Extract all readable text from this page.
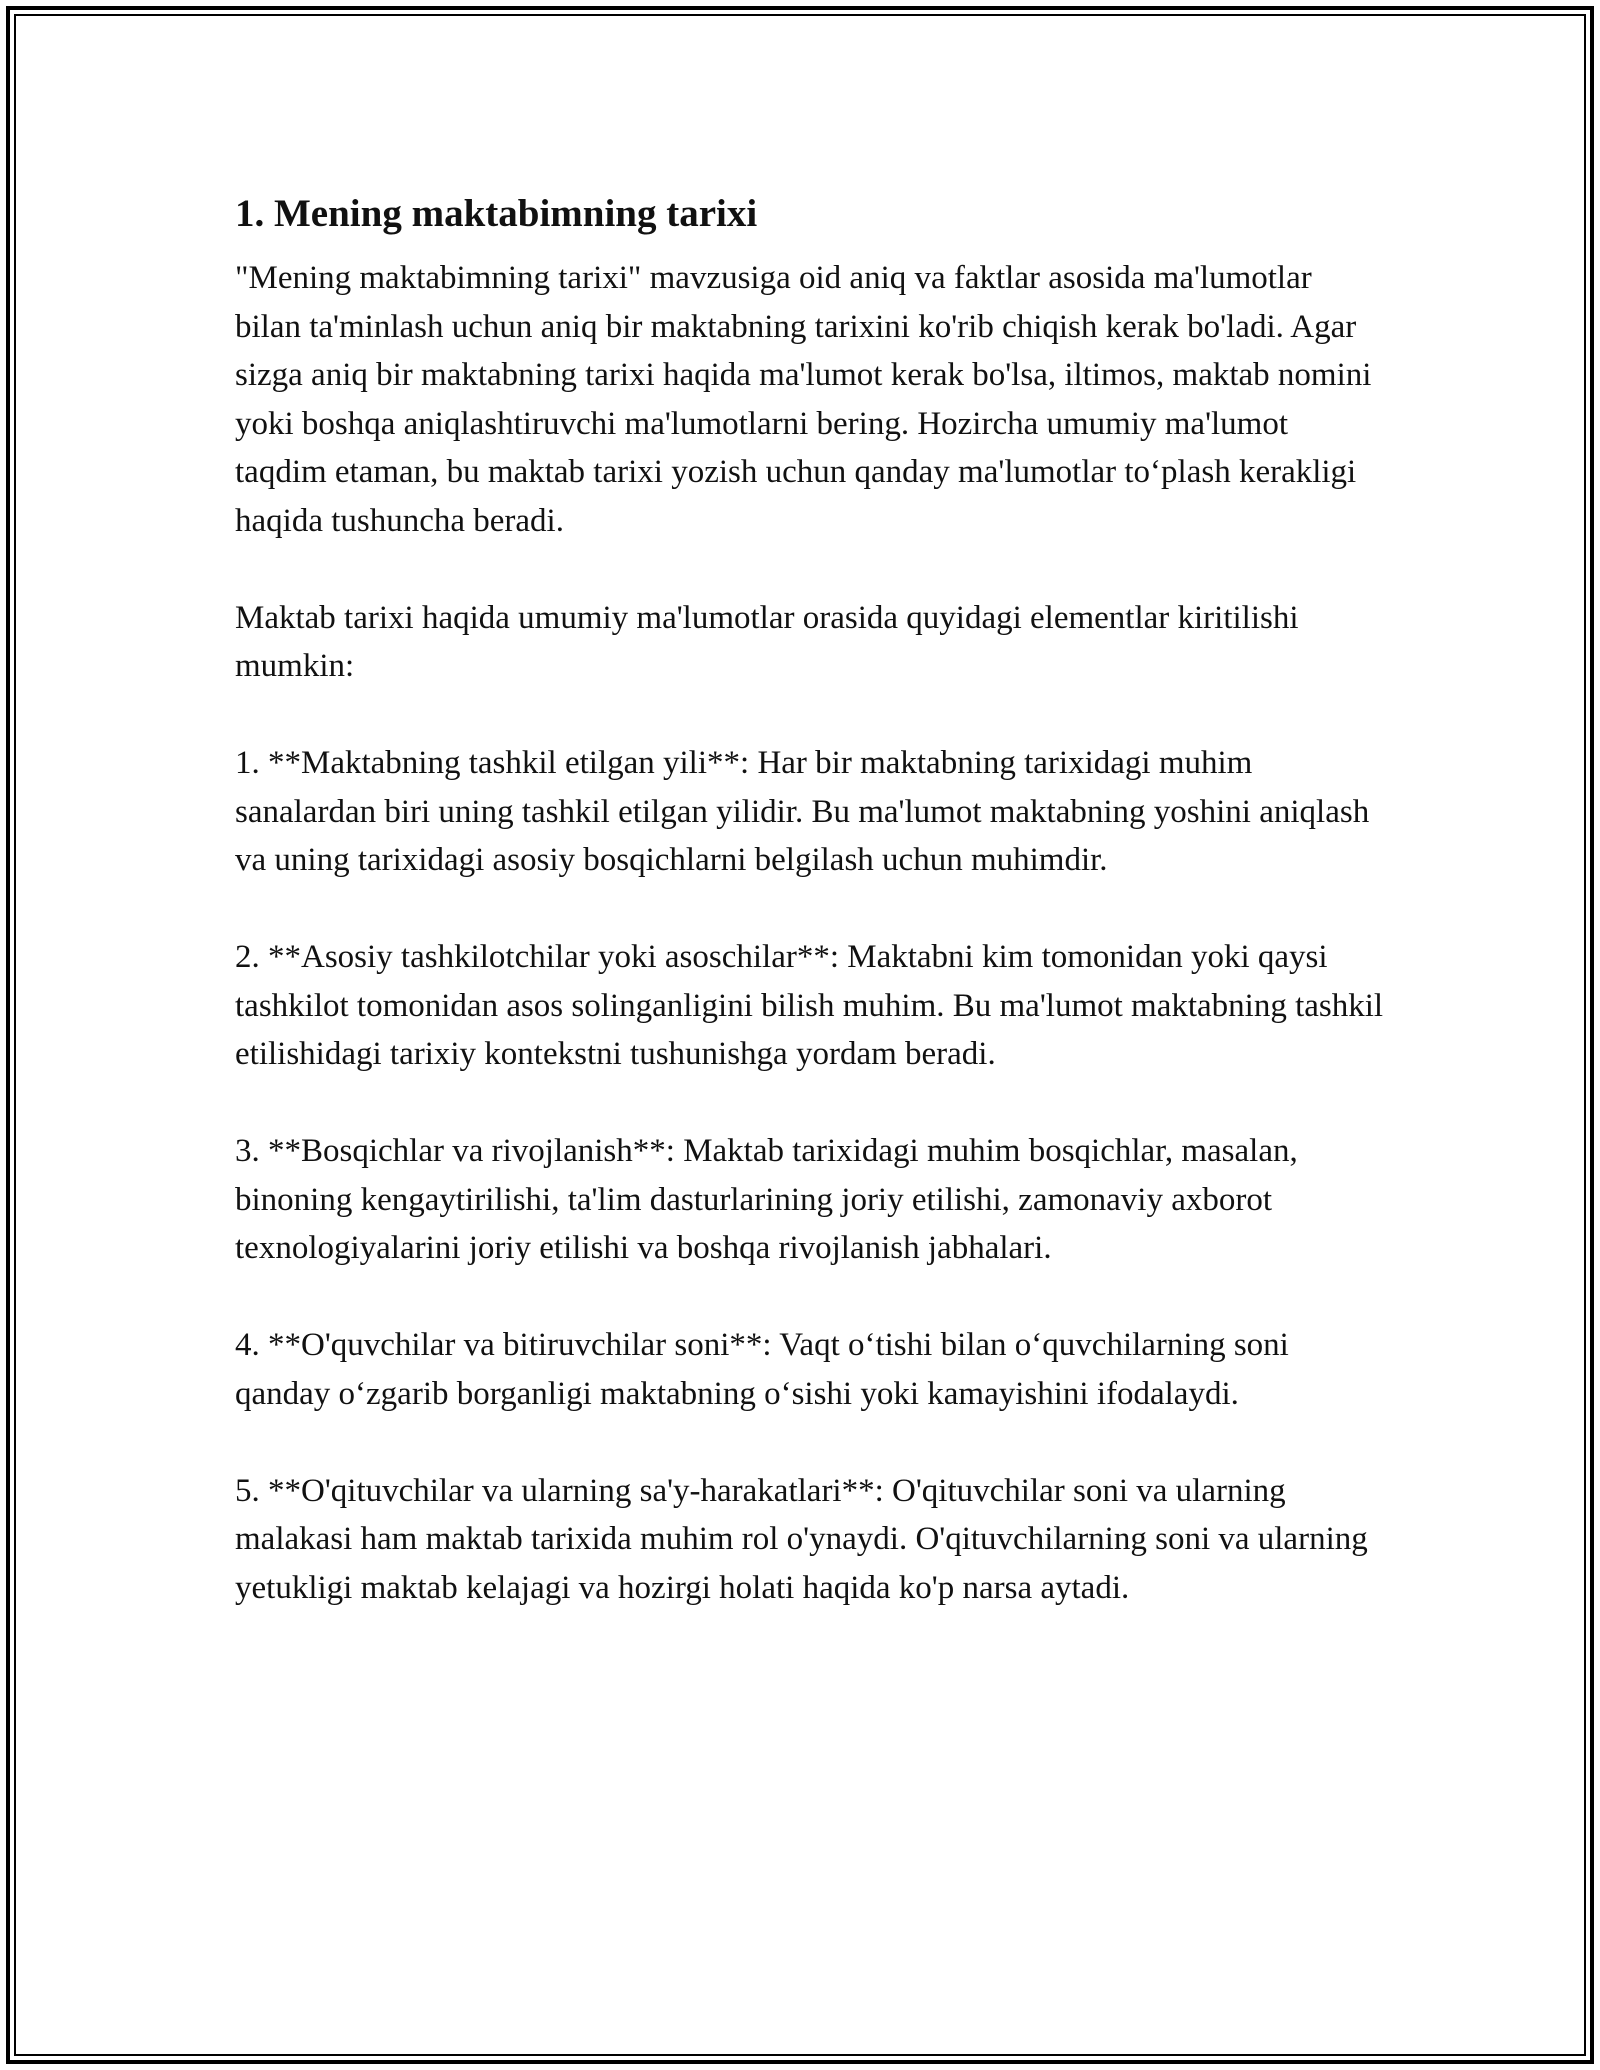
1. Mening maktabimning tarixi

"Mening maktabimning tarixi" mavzusiga oid aniq va faktlar asosida ma'lumotlar bilan ta'minlash uchun aniq bir maktabning tarixini ko'rib chiqish kerak bo'ladi. Agar sizga aniq bir maktabning tarixi haqida ma'lumot kerak bo'lsa, iltimos, maktab nomini yoki boshqa aniqlashtiruvchi ma'lumotlarni bering. Hozircha umumiy ma'lumot taqdim etaman, bu maktab tarixi yozish uchun qanday ma'lumotlar to‘plash kerakligi haqida tushuncha beradi.

Maktab tarixi haqida umumiy ma'lumotlar orasida quyidagi elementlar kiritilishi mumkin:

1. **Maktabning tashkil etilgan yili**: Har bir maktabning tarixidagi muhim sanalardan biri uning tashkil etilgan yilidir. Bu ma'lumot maktabning yoshini aniqlash va uning tarixidagi asosiy bosqichlarni belgilash uchun muhimdir.

2. **Asosiy tashkilotchilar yoki asoschilar**: Maktabni kim tomonidan yoki qaysi tashkilot tomonidan asos solinganligini bilish muhim. Bu ma'lumot maktabning tashkil etilishidagi tarixiy kontekstni tushunishga yordam beradi.

3. **Bosqichlar va rivojlanish**: Maktab tarixidagi muhim bosqichlar, masalan, binoning kengaytirilishi, ta'lim dasturlarining joriy etilishi, zamonaviy axborot texnologiyalarini joriy etilishi va boshqa rivojlanish jabhalari.

4. **O'quvchilar va bitiruvchilar soni**: Vaqt o‘tishi bilan o‘quvchilarning soni qanday o‘zgarib borganligi maktabning o‘sishi yoki kamayishini ifodalaydi.

5. **O'qituvchilar va ularning sa'y-harakatlari**: O'qituvchilar soni va ularning malakasi ham maktab tarixida muhim rol o'ynaydi. O'qituvchilarning soni va ularning yetukligi maktab kelajagi va hozirgi holati haqida ko'p narsa aytadi.
